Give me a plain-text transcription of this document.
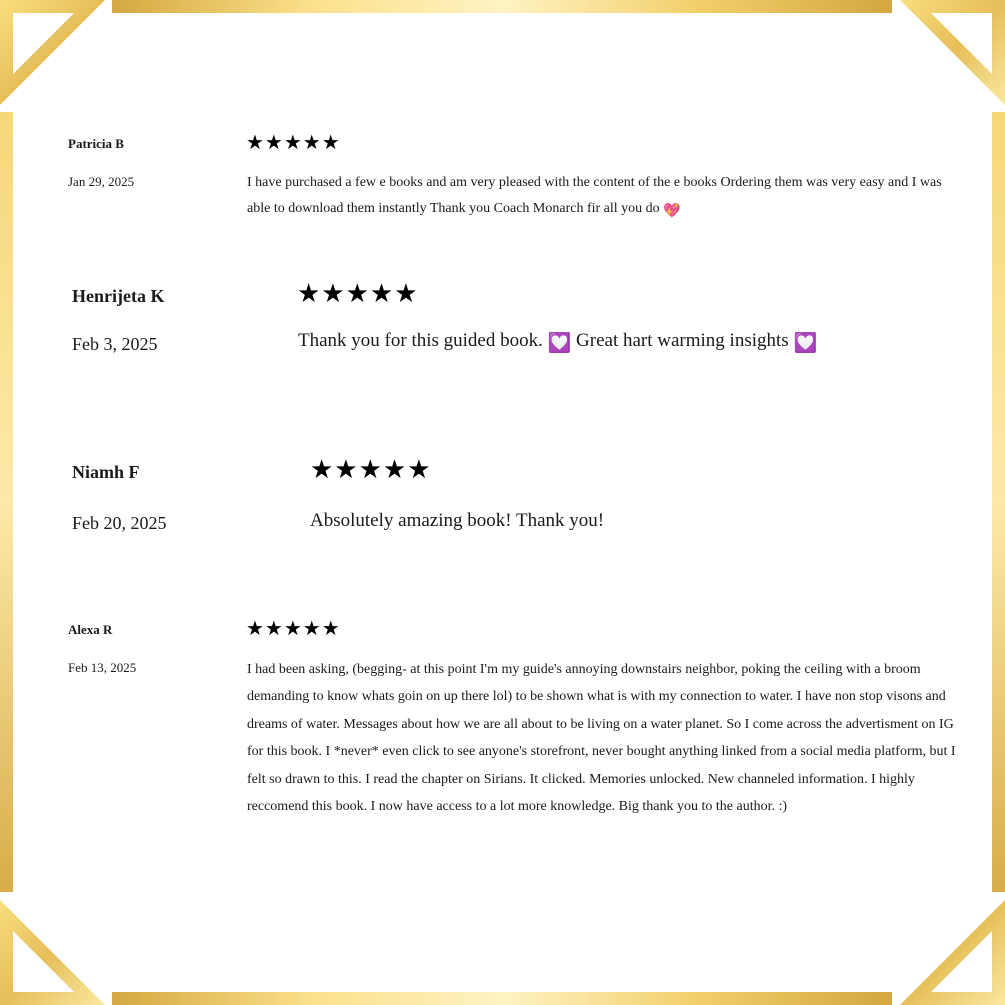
Patricia B
Jan 29, 2025
★★★★★
I have purchased a few e books and am very pleased with the content of the e books Ordering them was very easy and I was able to download them instantly Thank you Coach Monarch fir all you do 💖
Henrijeta K
Feb 3, 2025
★★★★★
Thank you for this guided book. 💟 Great hart warming insights 💟
Niamh F
Feb 20, 2025
★★★★★
Absolutely amazing book! Thank you!
Alexa R
Feb 13, 2025
★★★★★
I had been asking, (begging- at this point I'm my guide's annoying downstairs neighbor, poking the ceiling with a broom demanding to know whats goin on up there lol) to be shown what is with my connection to water. I have non stop visons and dreams of water. Messages about how we are all about to be living on a water planet. So I come across the advertisment on IG for this book. I *never* even click to see anyone's storefront, never bought anything linked from a social media platform, but I felt so drawn to this. I read the chapter on Sirians. It clicked. Memories unlocked. New channeled information. I highly reccomend this book. I now have access to a lot more knowledge. Big thank you to the author. :)
